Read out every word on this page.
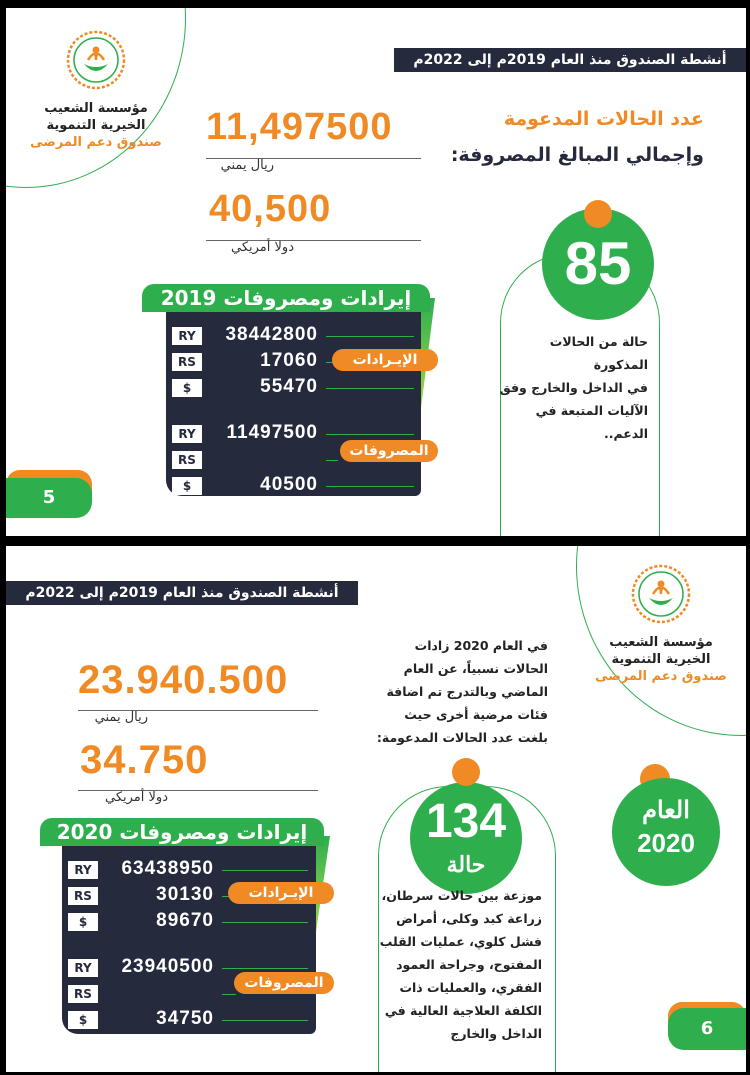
مؤسسة الشعيب
الخيرية التنموية
صندوق دعم المرضى
أنشطة الصندوق منذ العام 2019م إلى 2022م
11,497500
ريال يمني
40,500
دولا أمريكي
عدد الحالات المدعومة
وإجمالي المبالغ المصروفة:
85
حالة من الحالات المذكورة
في الداخل والخارج وفق
الآليات المتبعة في الدعم..
إيرادات ومصروفات 2019
RY	38442800
RS	17060
$	55470
RY	11497500
RS
$	40500
الإيـرادات
المصروفات
5
أنشطة الصندوق منذ العام 2019م إلى 2022م
مؤسسة الشعيب
الخيرية التنموية
صندوق دعم المرضى
23.940.500
ريال يمني
34.750
دولا أمريكي
في العام 2020 زادات
الحالات نسبياً، عن العام
الماضي وبالتدرج تم اضافة
فئات مرضية أخرى حيث
بلغت عدد الحالات المدعومة:
134
حالة
موزعة بين حالات سرطان،
زراعة كبد وكلى، أمراض
فشل كلوي، عمليات القلب
المفتوح، وجراحة العمود
الفقري، والعمليات ذات
الكلفة العلاجية العالية في
الداخل والخارج
العام
2020
إيرادات ومصروفات 2020
RY	63438950
RS	30130
$	89670
RY	23940500
RS
$	34750
الإيـرادات
المصروفات
6
